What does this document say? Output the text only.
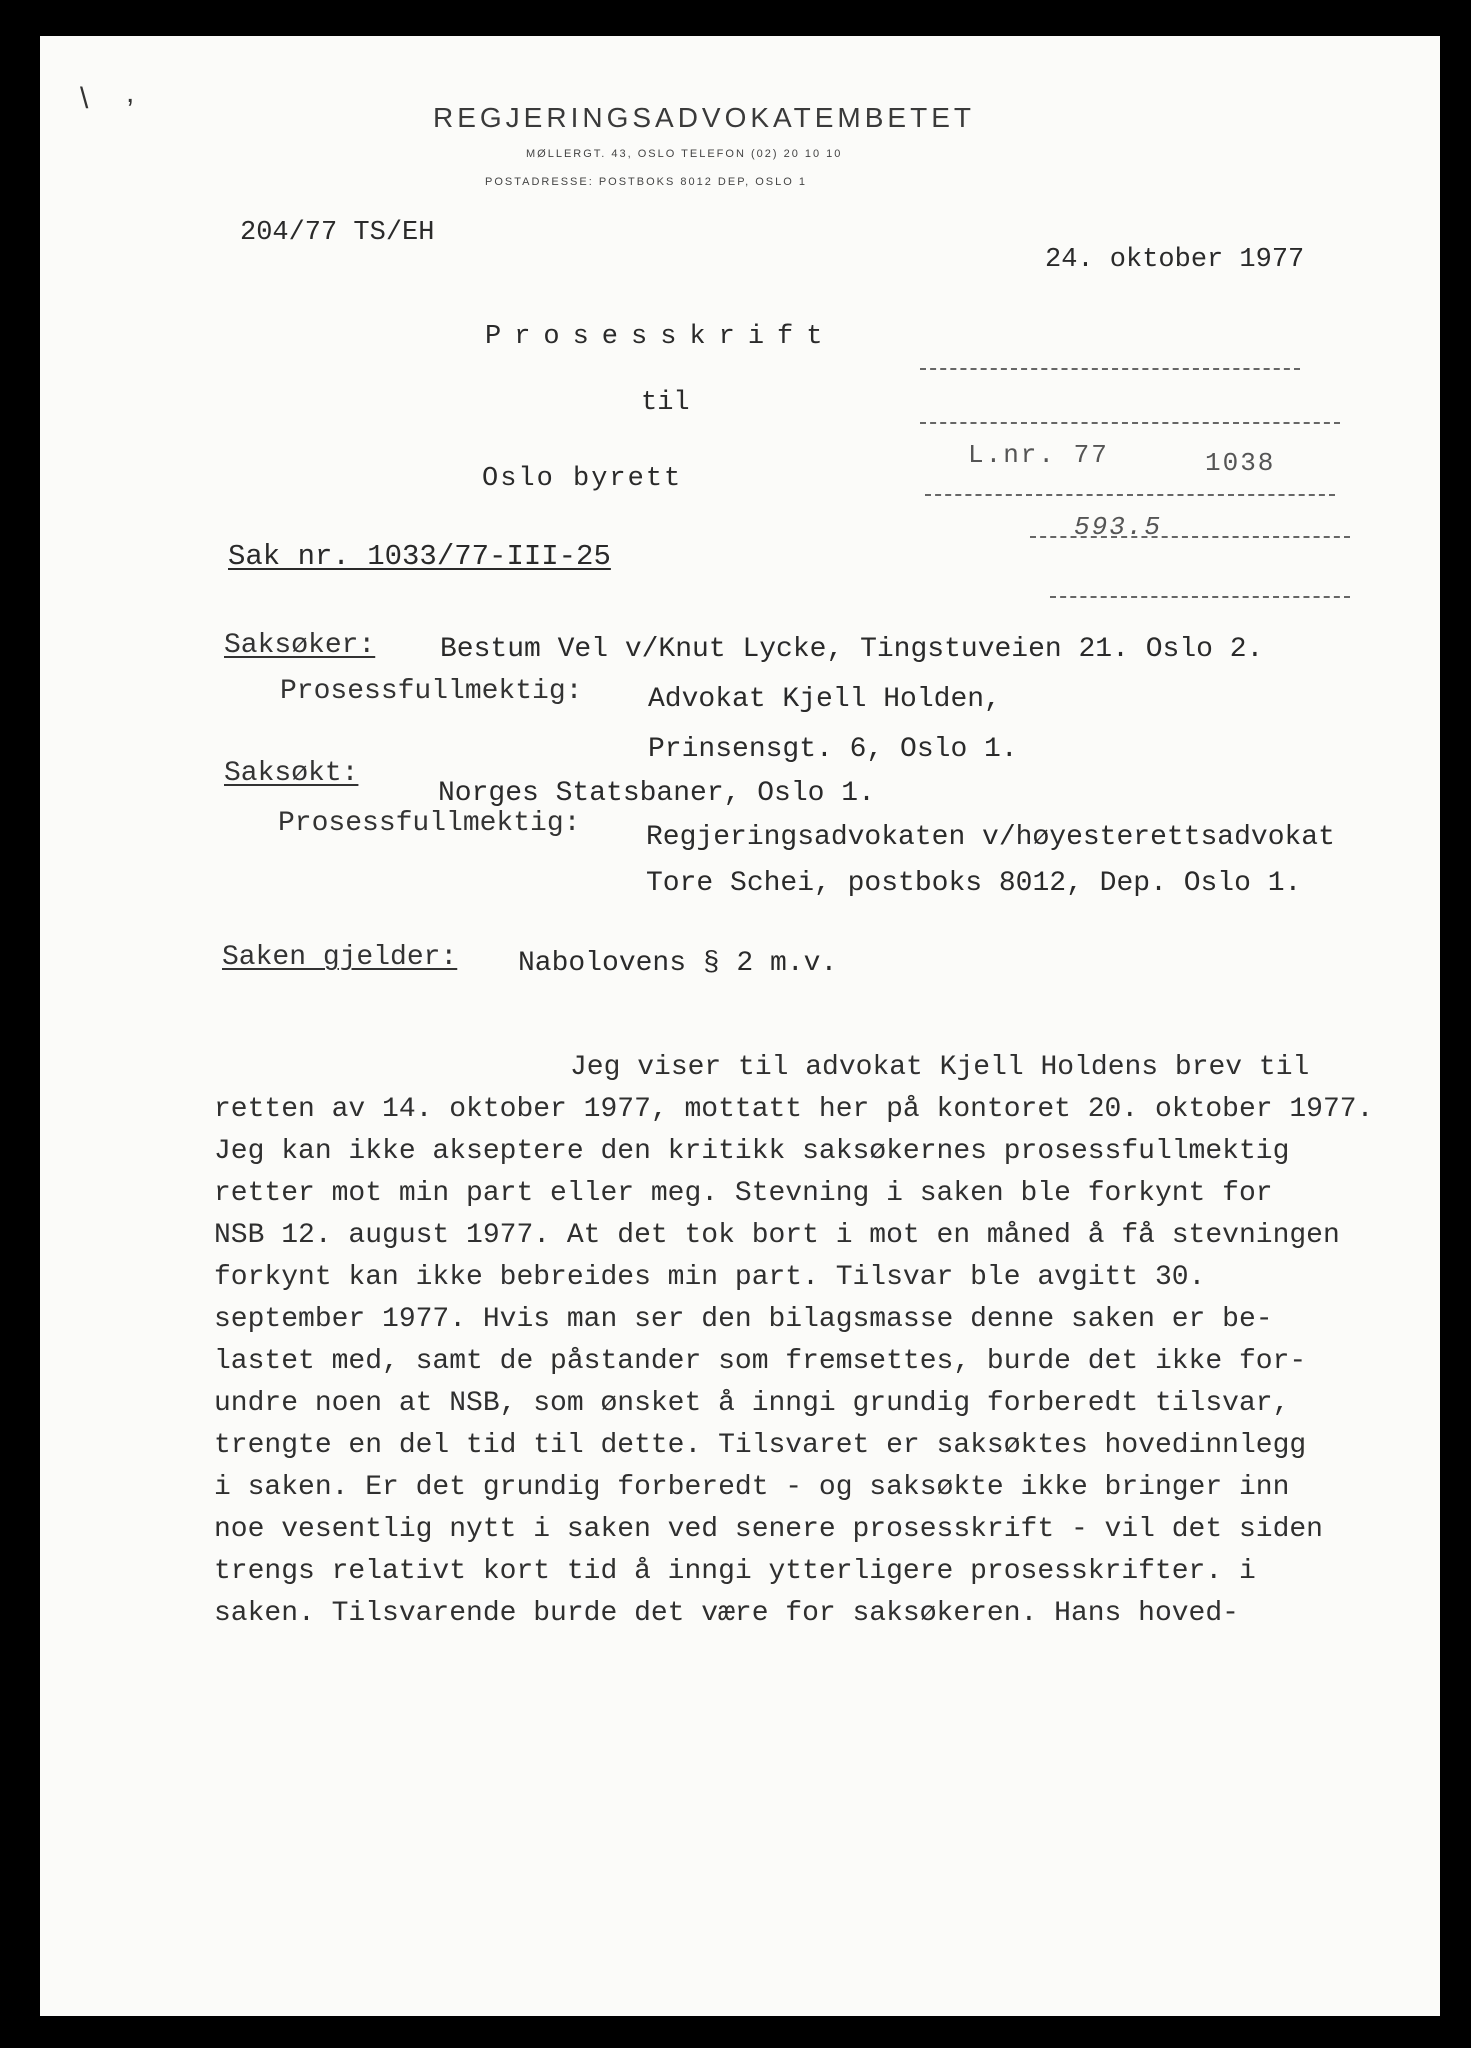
\ ,
REGJERINGSADVOKATEMBETET
MØLLERGT. 43, OSLO TELEFON (02) 20 10 10
POSTADRESSE: POSTBOKS 8012 DEP, OSLO 1
204/77 TS/EH
24. oktober 1977
Prosesskrift
til
Oslo byrett
L.nr. 77	1038
593.5
Sak nr. 1033/77-III-25
Saksøker: Bestum Vel v/Knut Lycke, Tingstuveien 21. Oslo 2.
Prosessfullmektig: Advokat Kjell Holden,
Prinsensgt. 6, Oslo 1.
Saksøkt:
Norges Statsbaner, Oslo 1.
Prosessfullmektig: Regjeringsadvokaten v/høyesterettsadvokat
Tore Schei, postboks 8012, Dep. Oslo 1.
Saken gjelder: Nabolovens § 2 m.v.
Jeg viser til advokat Kjell Holdens brev til
retten av 14. oktober 1977, mottatt her på kontoret 20. oktober 1977.
Jeg kan ikke akseptere den kritikk saksøkernes prosessfullmektig
retter mot min part eller meg. Stevning i saken ble forkynt for
NSB 12. august 1977. At det tok bort i mot en måned å få stevningen
forkynt kan ikke bebreides min part. Tilsvar ble avgitt 30.
september 1977. Hvis man ser den bilagsmasse denne saken er be-
lastet med, samt de påstander som fremsettes, burde det ikke for-
undre noen at NSB, som ønsket å inngi grundig forberedt tilsvar,
trengte en del tid til dette. Tilsvaret er saksøktes hovedinnlegg
i saken. Er det grundig forberedt - og saksøkte ikke bringer inn
noe vesentlig nytt i saken ved senere prosesskrift - vil det siden
trengs relativt kort tid å inngi ytterligere prosesskrifter. i
saken. Tilsvarende burde det være for saksøkeren. Hans hoved-
